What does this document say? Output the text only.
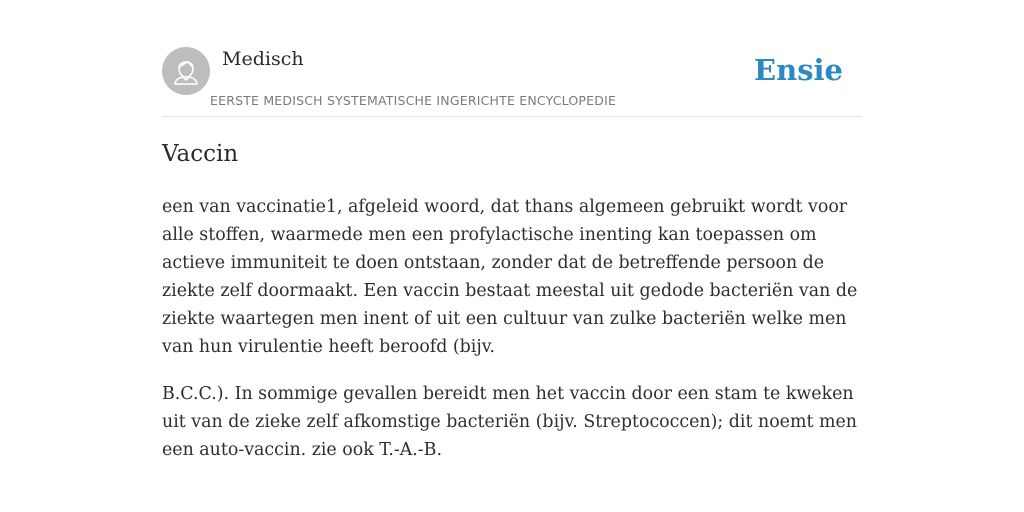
Medisch
EERSTE MEDISCH SYSTEMATISCHE INGERICHTE ENCYCLOPEDIE
Ensie
Vaccin

een van vaccinatie1, afgeleid woord, dat thans algemeen gebruikt wordt voor alle stoffen, waarmede men een profylactische inenting kan toepassen om actieve immuniteit te doen ontstaan, zonder dat de betreffende persoon de ziekte zelf doormaakt. Een vaccin bestaat meestal uit gedode bacteriën van de ziekte waartegen men inent of uit een cultuur van zulke bacteriën welke men van hun virulentie heeft beroofd (bijv.

B.C.C.). In sommige gevallen bereidt men het vaccin door een stam te kweken uit van de zieke zelf afkomstige bacteriën (bijv. Streptococcen); dit noemt men een auto-vaccin. zie ook T.-A.-B.
